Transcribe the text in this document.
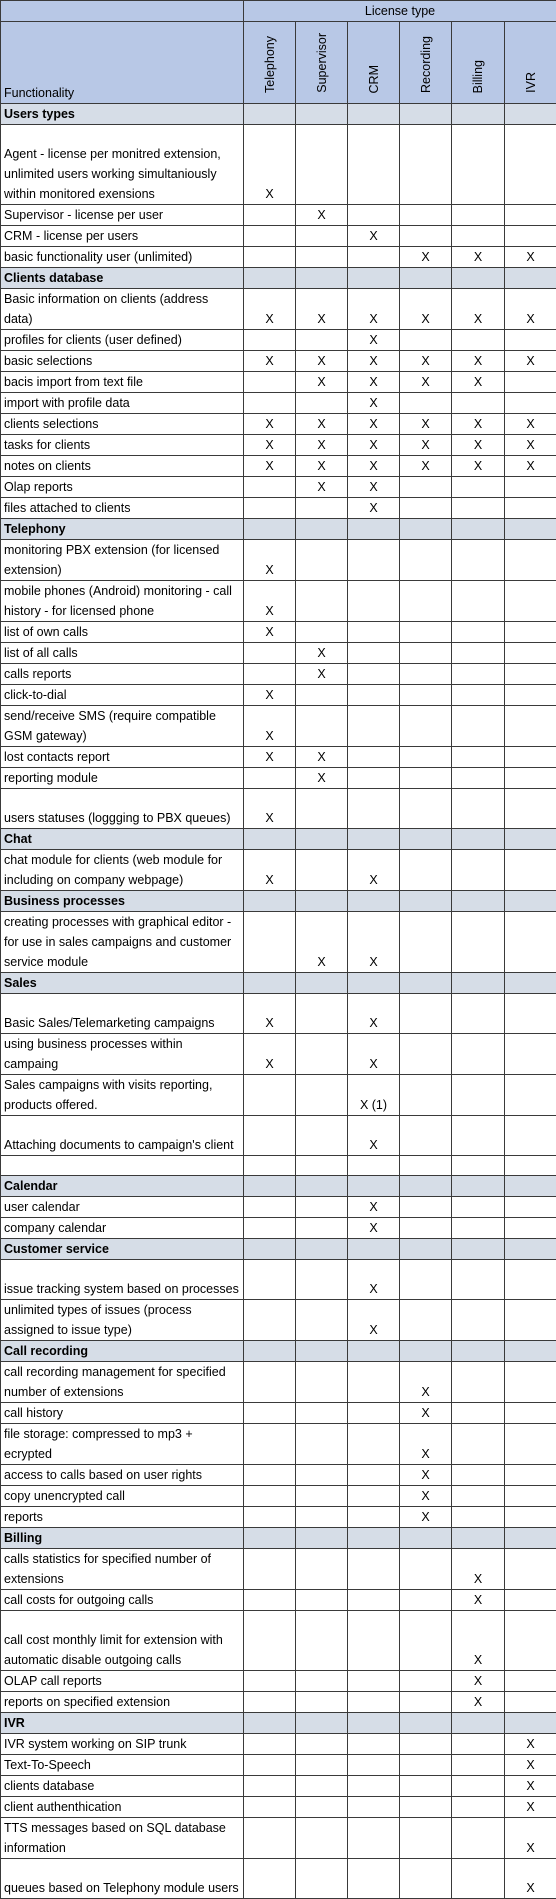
	License type					
Functionality	Telephony	Supervisor	CRM	Recording	Billing	IVR
Users types						
Agent - license per monitred extension, unlimited users working simultaniously within monitored exensions	X					
Supervisor - license per user		X				
CRM - license per users			X			
basic functionality user (unlimited)				X	X	X
Clients database						
Basic information on clients (address data)	X	X	X	X	X	X
profiles for clients (user defined)			X			
basic selections	X	X	X	X	X	X
bacis import from text file		X	X	X	X	
import with profile data			X			
clients selections	X	X	X	X	X	X
tasks for clients	X	X	X	X	X	X
notes on clients	X	X	X	X	X	X
Olap reports		X	X			
files attached to clients			X			
Telephony						
monitoring PBX extension (for licensed extension)	X					
mobile phones (Android) monitoring - call history - for licensed phone	X					
list of own calls	X					
list of all calls		X				
calls reports		X				
click-to-dial	X					
send/receive SMS (require compatible GSM gateway)	X					
lost contacts report	X	X				
reporting module		X				
users statuses (loggging to PBX queues)	X					
Chat						
chat module for clients (web module for including on company webpage)	X		X			
Business processes						
creating processes with graphical editor - for use in sales campaigns and customer service module		X	X			
Sales						
Basic Sales/Telemarketing campaigns	X		X			
using business processes within campaing	X		X			
Sales campaigns with visits reporting, products offered.			X (1)			
Attaching documents to campaign's client			X			

Calendar						
user calendar			X			
company calendar			X			
Customer service						
issue tracking system based on processes			X			
unlimited types of issues (process assigned to issue type)			X			
Call recording						
call recording management for specified number of extensions				X		
call history				X		
file storage: compressed to mp3 + ecrypted				X		
access to calls based on user rights				X		
copy unencrypted call				X		
reports				X		
Billing						
calls statistics for specified number of extensions					X	
call costs for outgoing calls					X	
call cost monthly limit for extension with automatic disable outgoing calls					X	
OLAP call reports					X	
reports on specified extension					X	
IVR						
IVR system working on SIP trunk						X
Text-To-Speech						X
clients database						X
client authenthication						X
TTS messages based on SQL database information						X
queues based on Telephony module users						X
